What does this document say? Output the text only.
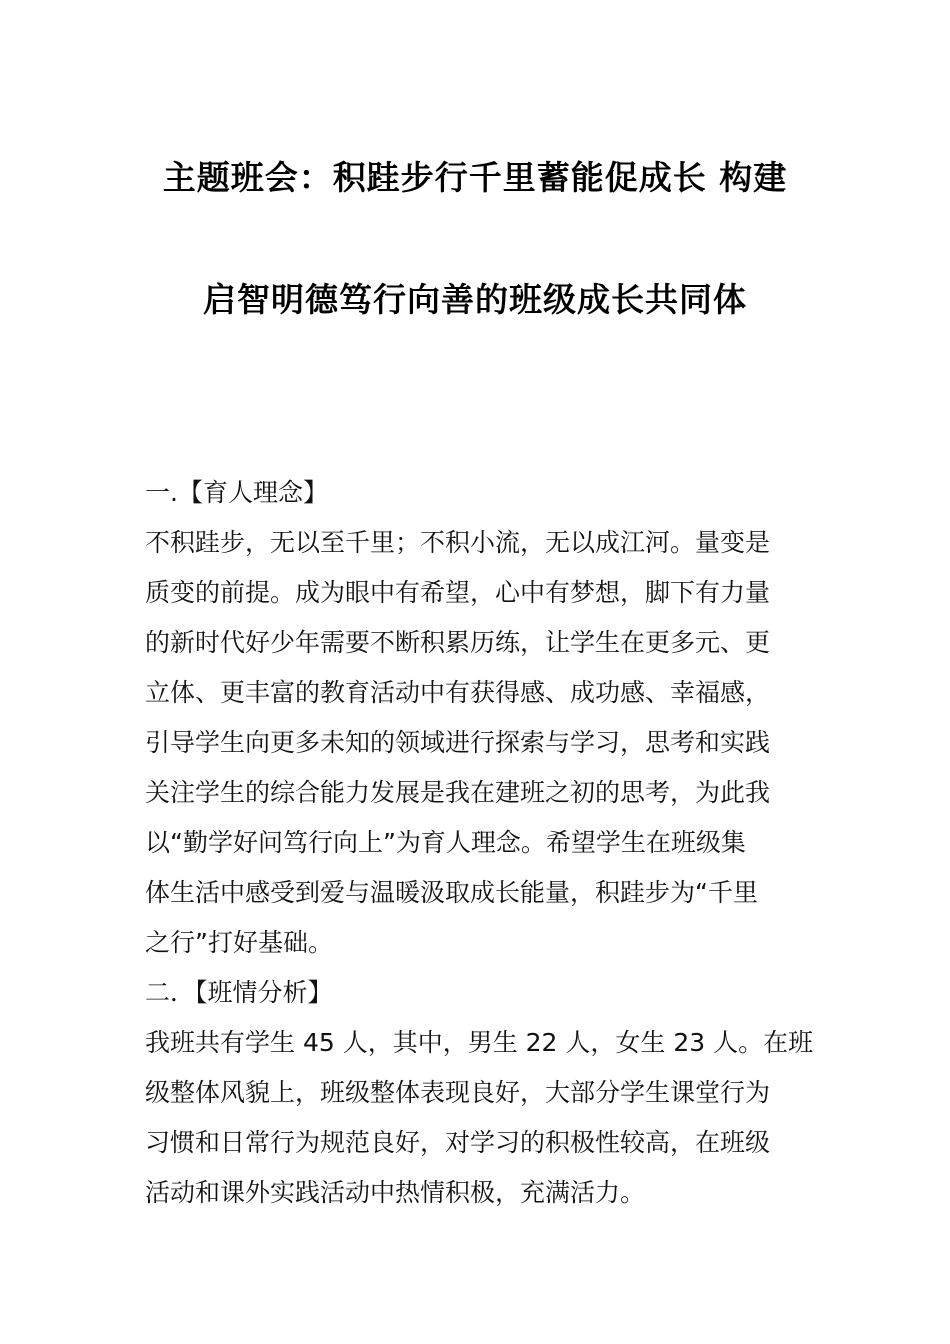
主题班会：积跬步行千里蓄能促成长 构建
启智明德笃行向善的班级成长共同体
一.【育人理念】
不积跬步，无以至千里；不积小流，无以成江河。量变是
质变的前提。成为眼中有希望，心中有梦想，脚下有力量
的新时代好少年需要不断积累历练，让学生在更多元、更
立体、更丰富的教育活动中有获得感、成功感、幸福感，
引导学生向更多未知的领域进行探索与学习，思考和实践
关注学生的综合能力发展是我在建班之初的思考，为此我
以“勤学好问笃行向上”为育人理念。希望学生在班级集
体生活中感受到爱与温暖汲取成长能量，积跬步为“千里
之行”打好基础。
二．【班情分析】
我班共有学生 45 人，其中，男生 22 人，女生 23 人。在班
级整体风貌上，班级整体表现良好，大部分学生课堂行为
习惯和日常行为规范良好，对学习的积极性较高，在班级
活动和课外实践活动中热情积极，充满活力。
